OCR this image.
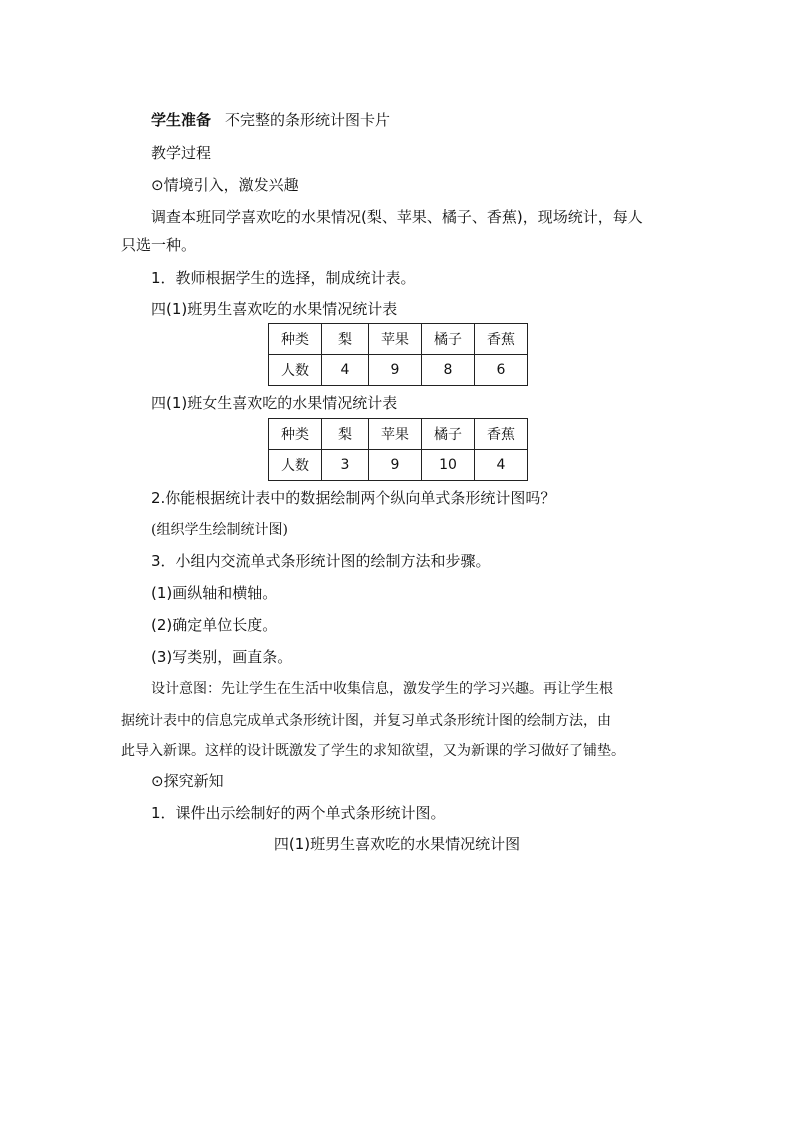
学生准备 不完整的条形统计图卡片
教学过程
⊙情境引入，激发兴趣
调查本班同学喜欢吃的水果情况(梨、苹果、橘子、香蕉)，现场统计，每人
只选一种。
1．教师根据学生的选择，制成统计表。
四(1)班男生喜欢吃的水果情况统计表
种类	梨	苹果	橘子	香蕉
人数	4	9	8	6
四(1)班女生喜欢吃的水果情况统计表
种类	梨	苹果	橘子	香蕉
人数	3	9	10	4
2.你能根据统计表中的数据绘制两个纵向单式条形统计图吗？
(组织学生绘制统计图)
3．小组内交流单式条形统计图的绘制方法和步骤。
(1)画纵轴和横轴。
(2)确定单位长度。
(3)写类别，画直条。
设计意图：先让学生在生活中收集信息，激发学生的学习兴趣。再让学生根
据统计表中的信息完成单式条形统计图，并复习单式条形统计图的绘制方法，由
此导入新课。这样的设计既激发了学生的求知欲望，又为新课的学习做好了铺垫。
⊙探究新知
1．课件出示绘制好的两个单式条形统计图。
四(1)班男生喜欢吃的水果情况统计图
